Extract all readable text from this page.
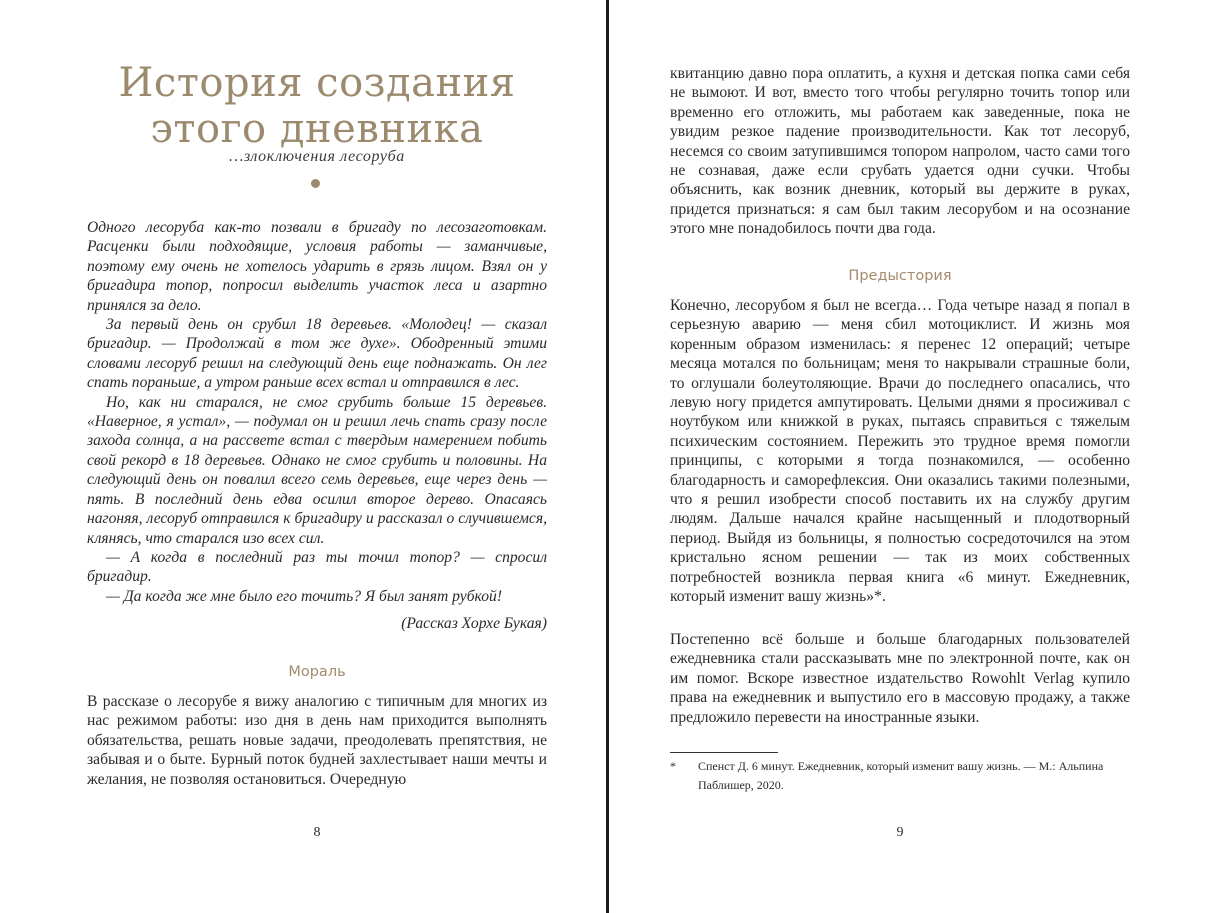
История создания
этого дневника
…злоключения лесоруба

Одного лесоруба как-то позвали в бригаду по лесозаготовкам. Расценки были подходящие, условия работы — заманчивые, поэтому ему очень не хотелось ударить в грязь лицом. Взял он у бригадира топор, попросил выделить участок леса и азартно принялся за дело.

За первый день он срубил 18 деревьев. «Молодец! — сказал бригадир. — Продолжай в том же духе». Ободренный этими словами лесоруб решил на следующий день еще поднажать. Он лег спать пораньше, а утром раньше всех встал и отправился в лес.

Но, как ни старался, не смог срубить больше 15 деревьев. «Наверное, я устал», — подумал он и решил лечь спать сразу после захода солнца, а на рассвете встал с твердым намерением побить свой рекорд в 18 деревьев. Однако не смог срубить и половины. На следующий день он повалил всего семь деревьев, еще через день — пять. В последний день едва осилил второе дерево. Опасаясь нагоняя, лесоруб отправился к бригадиру и рассказал о случившемся, клянясь, что старался изо всех сил.

— А когда в последний раз ты точил топор? — спросил бригадир.

— Да когда же мне было его точить? Я был занят рубкой!

(Рассказ Хорхе Букая)

Мораль

В рассказе о лесорубе я вижу аналогию с типичным для многих из нас режимом работы: изо дня в день нам приходится выполнять обязательства, решать новые задачи, преодолевать препятствия, не забывая и о быте. Бурный поток будней захлестывает наши мечты и желания, не позволяя остановиться. Очередную

8

квитанцию давно пора оплатить, а кухня и детская попка сами себя не вымоют. И вот, вместо того чтобы регулярно точить топор или временно его отложить, мы работаем как заведенные, пока не увидим резкое падение производительности. Как тот лесоруб, несемся со своим затупившимся топором напролом, часто сами того не сознавая, даже если срубать удается одни сучки. Чтобы объяснить, как возник дневник, который вы держите в руках, придется признаться: я сам был таким лесорубом и на осознание этого мне понадобилось почти два года.

Предыстория

Конечно, лесорубом я был не всегда… Года четыре назад я попал в серьезную аварию — меня сбил мотоциклист. И жизнь моя коренным образом изменилась: я перенес 12 операций; четыре месяца мотался по больницам; меня то накрывали страшные боли, то оглушали болеутоляющие. Врачи до последнего опасались, что левую ногу придется ампутировать. Целыми днями я просиживал с ноутбуком или книжкой в руках, пытаясь справиться с тяжелым психическим состоянием. Пережить это трудное время помогли принципы, с которыми я тогда познакомился, — особенно благодарность и саморефлексия. Они оказались такими полезными, что я решил изобрести способ поставить их на службу другим людям. Дальше начался крайне насыщенный и плодотворный период. Выйдя из больницы, я полностью сосредоточился на этом кристально ясном решении — так из моих собственных потребностей возникла первая книга «6 минут. Ежедневник, который изменит вашу жизнь»*.

Постепенно всё больше и больше благодарных пользователей ежедневника стали рассказывать мне по электронной почте, как он им помог. Вскоре известное издательство Rowohlt Verlag купило права на ежедневник и выпустило его в массовую продажу, а также предложило перевести на иностранные языки.

9
* Спенст Д. 6 минут. Ежедневник, который изменит вашу жизнь. — М.: Альпина
Паблишер, 2020.
